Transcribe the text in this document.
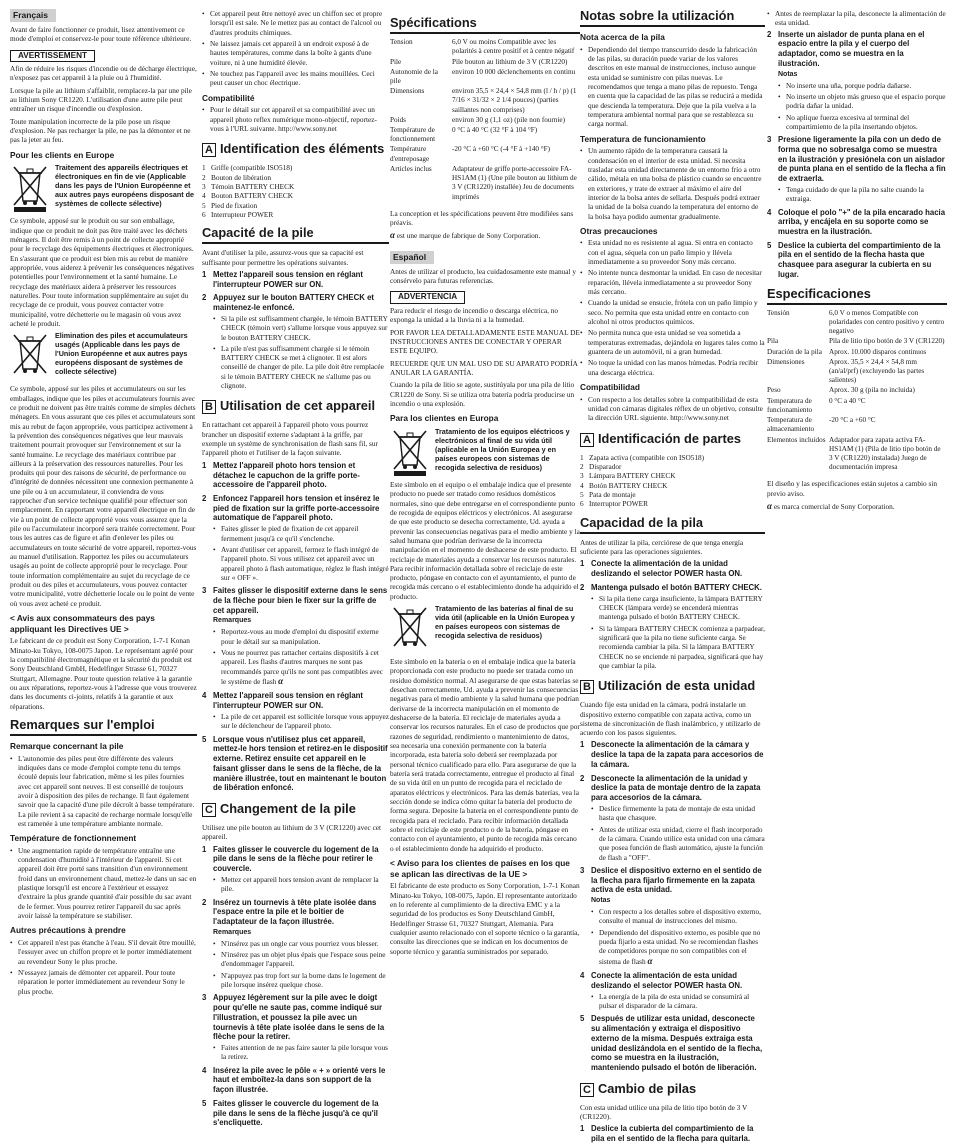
Français

Avant de faire fonctionner ce produit, lisez attentivement ce mode d'emploi et conservez-le pour toute référence ultérieure.

AVERTISSEMENT

Afin de réduire les risques d'incendie ou de décharge électrique, n'exposez pas cet appareil à la pluie ou à l'humidité.

Lorsque la pile au lithium s'affaiblit, remplacez-la par une pile au lithium Sony CR1220. L'utilisation d'une autre pile peut entraîner un risque d'incendie ou d'explosion.

Toute manipulation incorrecte de la pile pose un risque d'explosion. Ne pas recharger la pile, ne pas la démonter et ne pas la jeter au feu.

Pour les clients en Europe
Traitement des appareils électriques et électroniques en fin de vie (Applicable dans les pays de l'Union Européenne et aux autres pays européens disposant de systèmes de collecte sélective)

Ce symbole, apposé sur le produit ou sur son emballage, indique que ce produit ne doit pas être traité avec les déchets ménagers. Il doit être remis à un point de collecte approprié pour le recyclage des équipements électriques et électroniques. En s'assurant que ce produit est bien mis au rebut de manière appropriée, vous aiderez à prévenir les conséquences négatives potentielles pour l'environnement et la santé humaine. Le recyclage des matériaux aidera à préserver les ressources naturelles. Pour toute information supplémentaire au sujet du recyclage de ce produit, vous pouvez contacter votre municipalité, votre déchetterie ou le magasin où vous avez acheté le produit.

Elimination des piles et accumulateurs usagés (Applicable dans les pays de l'Union Européenne et aux autres pays européens disposant de systèmes de collecte sélective)

Ce symbole, apposé sur les piles et accumulateurs ou sur les emballages, indique que les piles et accumulateurs fournis avec ce produit ne doivent pas être traités comme de simples déchets ménagers. En vous assurant que ces piles et accumulateurs sont mis au rebut de façon appropriée, vous participez activement à la prévention des conséquences négatives que leur mauvais traitement pourrait provoquer sur l'environnement et sur la santé humaine. Le recyclage des matériaux contribue par ailleurs à la préservation des ressources naturelles. Pour les produits qui pour des raisons de sécurité, de performance ou d'intégrité de données nécessitent une connexion permanente à une pile ou à un accumulateur, il conviendra de vous rapprocher d'un service technique qualifié pour effectuer son remplacement. En rapportant votre appareil électrique en fin de vie à un point de collecte approprié vous vous assurez que la pile ou l'accumulateur incorporé sera traitée correctement. Pour tous les autres cas de figure et afin d'enlever les piles ou accumulateurs en toute sécurité de votre appareil, reportez-vous au manuel d'utilisation. Rapportez les piles ou accumulateurs usagés au point de collecte approprié pour le recyclage. Pour toute information complémentaire au sujet du recyclage de ce produit ou des piles et accumulateurs, vous pouvez contacter votre municipalité, votre déchetterie locale ou le point de vente où vous avez acheté ce produit.

< Avis aux consommateurs des pays appliquant les Directives UE >

Le fabricant de ce produit est Sony Corporation, 1-7-1 Konan Minato-ku Tokyo, 108-0075 Japon. Le représentant agréé pour la compatibilité électromagnétique et la sécurité du produit est Sony Deutschland GmbH, Hedelfinger Strasse 61, 70327 Stuttgart, Allemagne. Pour toute question relative à la garantie ou aux réparations, reportez-vous à l'adresse que vous trouverez dans les documents ci-joints, relatifs à la garantie et aux réparations.

Remarques sur l'emploi
Remarque concernant la pile
• L'autonomie des piles peut être différente des valeurs indiquées dans ce mode d'emploi compte tenu du temps écoulé depuis leur fabrication, même si les piles fournies avec cet appareil sont neuves. Il est conseillé de toujours avoir à disposition des piles de rechange. Il faut également savoir que la capacité d'une pile décroît à basse température. La pile revient à sa capacité de recharge normale lorsqu'elle est ramenée à une température ambiante normale.
Température de fonctionnement
• Une augmentation rapide de température entraîne une condensation d'humidité à l'intérieur de l'appareil. Si cet appareil doit être porté sans transition d'un environnement froid dans un environnement chaud, mettez-le dans un sac en plastique lorsqu'il est encore à l'extérieur et essayez d'extraire la plus grande quantité d'air possible du sac avant de le fermer. Vous pourrez retirer l'appareil du sac après avoir laissé la température se stabiliser.
Autres précautions à prendre
• Cet appareil n'est pas étanche à l'eau. S'il devait être mouillé, l'essuyer avec un chiffon propre et le porter immédiatement au revendeur Sony le plus proche.
• N'essayez jamais de démonter cet appareil. Pour toute réparation le porter immédiatement au revendeur Sony le plus proche.
• Cet appareil peut être nettoyé avec un chiffon sec et propre lorsqu'il est sale. Ne le mettez pas au contact de l'alcool ou d'autres produits chimiques.
• Ne laissez jamais cet appareil à un endroit exposé à de hautes températures, comme dans la boîte à gants d'une voiture, ni à une humidité élevée.
• Ne touchez pas l'appareil avec les mains mouillées. Ceci peut causer un choc électrique.
Compatibilité
• Pour le détail sur cet appareil et sa compatibilité avec un appareil photo reflex numérique mono-objectif, reportez-vous à l'URL suivante. http://www.sony.net
A Identification des éléments
1 Griffe (compatible ISO518)
2 Bouton de libération
3 Témoin BATTERY CHECK
4 Bouton BATTERY CHECK
5 Pied de fixation
6 Interrupteur POWER
Capacité de la pile

Avant d'utiliser la pile, assurez-vous que sa capacité est suffisante pour permettre les opérations suivantes.

1 Mettez l'appareil sous tension en réglant l'interrupteur POWER sur ON.
2 Appuyez sur le bouton BATTERY CHECK et maintenez-le enfoncé.
• Si la pile est suffisamment chargée, le témoin BATTERY CHECK (témoin vert) s'allume lorsque vous appuyez sur le bouton BATTERY CHECK.
• La pile n'est pas suffisamment chargée si le témoin BATTERY CHECK se met à clignoter. Il est alors conseillé de changer de pile. La pile doit être remplacée si le témoin BATTERY CHECK ne s'allume pas ou clignote.
B Utilisation de cet appareil

En rattachant cet appareil à l'appareil photo vous pourrez brancher un dispositif externe s'adaptant à la griffe, par exemple un système de synchronisation de flash sans fil, sur l'appareil photo et l'utiliser de la façon suivante.

1 Mettez l'appareil photo hors tension et détachez le capuchon de la griffe porte-accessoire de l'appareil photo.
2 Enfoncez l'appareil hors tension et insérez le pied de fixation sur la griffe porte-accessoire automatique de l'appareil photo.
• Faites glisser le pied de fixation de cet appareil fermement jusqu'à ce qu'il s'enclenche.
• Avant d'utiliser cet appareil, fermez le flash intégré de l'appareil photo. Si vous utilisez cet appareil avec un appareil photo à flash automatique, réglez le flash intégré sur « OFF ».
3 Faites glisser le dispositif externe dans le sens de la flèche pour bien le fixer sur la griffe de cet appareil.
Remarques
• Reportez-vous au mode d'emploi du dispositif externe pour le détail sur sa manipulation.
• Vous ne pourrez pas rattacher certains dispositifs à cet appareil. Les flashs d'autres marques ne sont pas recommandés parce qu'ils ne sont pas compatibles avec le système de flash α
4 Mettez l'appareil sous tension en réglant l'interrupteur POWER sur ON.
• La pile de cet appareil est sollicitée lorsque vous appuyez sur le déclencheur de l'appareil photo.
5 Lorsque vous n'utilisez plus cet appareil, mettez-le hors tension et retirez-en le dispositif externe. Retirez ensuite cet appareil en le faisant glisser dans le sens de la flèche, de la manière illustrée, tout en maintenant le bouton de libération enfoncé.
C Changement de la pile

Utilisez une pile bouton au lithium de 3 V (CR1220) avec cet appareil.

1 Faites glisser le couvercle du logement de la pile dans le sens de la flèche pour retirer le couvercle.
• Mettez cet appareil hors tension avant de remplacer la pile.
2 Insérez un tournevis à tête plate isolée dans l'espace entre la pile et le boitier de l'adaptateur de la façon illustrée.
Remarques
• N'insérez pas un ongle car vous pourriez vous blesser.
• N'insérez pas un objet plus épais que l'espace sous peine d'endommager l'appareil.
• N'appuyez pas trop fort sur la borne dans le logement de pile lorsque insérez quelque chose.
3 Appuyez légèrement sur la pile avec le doigt pour qu'elle ne saute pas, comme indiqué sur l'illustration, et poussez la pile avec un tournevis à tête plate isolée dans le sens de la flèche pour la retirer.
• Faites attention de ne pas faire sauter la pile lorsque vous la retirez.
4 Insérez la pile avec le pôle « + » orienté vers le haut et emboîtez-la dans son support de la façon illustrée.
5 Faites glisser le couvercle du logement de la pile dans le sens de la flèche jusqu'à ce qu'il s'encliquette.
Spécifications
Tension	6,0 V ou moins Compatible avec les polarités à centre positif et à centre négatif
Pile	Pile bouton au lithium de 3 V (CR1220)
Autonomie de la pile	environ 10 000 déclenchements en continu
Dimensions	environ 35,5 × 24,4 × 54,8 mm (l / h / p) (1 7/16 × 31/32 × 2 1/4 pouces) (parties saillantes non comprises)
Poids	environ 30 g (1,1 oz) (pile non fournie)
Température de fonctionnement	0 °C à 40 °C (32 °F à 104 °F)
Température d'entreposage	-20 °C à +60 °C (-4 °F à +140 °F)
Articles inclus	Adaptateur de griffe porte-accessoire FA-HS1AM (1) (Une pile bouton au lithium de 3 V (CR1220) installée) Jeu de documents imprimés

La conception et les spécifications peuvent être modifiées sans préavis.

α est une marque de fabrique de Sony Corporation.

Español

Antes de utilizar el producto, lea cuidadosamente este manual y consérvelo para futuras referencias.

ADVERTENCIA

Para reducir el riesgo de incendio o descarga eléctrica, no exponga la unidad a la lluvia ni a la humedad.

POR FAVOR LEA DETALLADAMENTE ESTE MANUAL DE INSTRUCCIONES ANTES DE CONECTAR Y OPERAR ESTE EQUIPO.

RECUERDE QUE UN MAL USO DE SU APARATO PODRÍA ANULAR LA GARANTÍA.

Cuando la pila de litio se agote, sustitúyala por una pila de litio CR1220 de Sony. Si se utiliza otra batería podría producirse un incendio o una explosión.

Para los clientes en Europa
Tratamiento de los equipos eléctricos y electrónicos al final de su vida útil (aplicable en la Unión Europea y en países europeos con sistemas de recogida selectiva de residuos)

Este símbolo en el equipo o el embalaje indica que el presente producto no puede ser tratado como residuos domésticos normales, sino que debe entregarse en el correspondiente punto de recogida de equipos eléctricos y electrónicos. Al asegurarse de que este producto se desecha correctamente, Ud. ayuda a prevenir las consecuencias negativas para el medio ambiente y la salud humana que podrían derivarse de la incorrecta manipulación en el momento de deshacerse de este producto. El reciclaje de materiales ayuda a conservar los recursos naturales. Para recibir información detallada sobre el reciclaje de este producto, póngase en contacto con el ayuntamiento, el punto de recogida más cercano o el establecimiento donde ha adquirido el producto.

Tratamiento de las baterías al final de su vida útil (aplicable en la Unión Europea y en países europeos con sistemas de recogida selectiva de residuos)

Este símbolo en la batería o en el embalaje indica que la batería proporcionada con este producto no puede ser tratada como un residuo doméstico normal. Al asegurarse de que estas baterías se desechan correctamente, Ud. ayuda a prevenir las consecuencias negativas para el medio ambiente y la salud humana que podrían derivarse de la incorrecta manipulación en el momento de deshacerse de la batería. El reciclaje de materiales ayuda a conservar los recursos naturales. En el caso de productos que por razones de seguridad, rendimiento o mantenimiento de datos, sea necesaria una conexión permanente con la batería incorporada, esta batería solo deberá ser reemplazada por personal técnico cualificado para ello. Para asegurarse de que la batería será tratada correctamente, entregue el producto al final de su vida útil en un punto de recogida para el reciclado de aparatos eléctricos y electrónicos. Para las demás baterías, vea la sección donde se indica cómo quitar la batería del producto de forma segura. Deposite la batería en el correspondiente punto de recogida para el reciclado. Para recibir información detallada sobre el reciclaje de este producto o de la batería, póngase en contacto con el ayuntamiento, el punto de recogida más cercano o el establecimiento donde ha adquirido el producto.

< Aviso para los clientes de países en los que se aplican las directivas de la UE >

El fabricante de este producto es Sony Corporation, 1-7-1 Konan Minato-ku Tokyo, 108-0075, Japón. El representante autorizado en lo referente al cumplimiento de la directiva EMC y a la seguridad de los productos es Sony Deutschland GmbH, Hedelfinger Strasse 61, 70327 Stuttgart, Alemania. Para cualquier asunto relacionado con el soporte técnico o la garantía, consulte las direcciones que se indican en los documentos de soporte técnico y garantía suministrados por separado.

Notas sobre la utilización
Nota acerca de la pila
• Dependiendo del tiempo transcurrido desde la fabricación de las pilas, su duración puede variar de los valores descritos en este manual de instrucciones, incluso aunque esta unidad se suministre con pilas nuevas. Le recomendamos que tenga a mano pilas de repuesto. Tenga en cuenta que la capacidad de las pilas se reducirá a medida que descienda la temperatura. Deje que la pila vuelva a la temperatura ambiental normal para que se restablezca su carga normal.
Temperatura de funcionamiento
• Un aumento rápido de la temperatura causará la condensación en el interior de esta unidad. Si necesita trasladar esta unidad directamente de un entorno frío a otro cálido, métala en una bolsa de plástico cuando se encuentre en exteriores, y trate de extraer al máximo el aire del interior de la bolsa antes de sellarla. Después podrá extraer la unidad de la bolsa cuando la temperatura del entorno de la bolsa haya podido aumentar gradualmente.
Otras precauciones
• Esta unidad no es resistente al agua. Si entra en contacto con el agua, séquela con un paño limpio y llévela inmediatamente a su proveedor Sony más cercano.
• No intente nunca desmontar la unidad. En caso de necesitar reparación, llévela inmediatamente a su proveedor Sony más cercano.
• Cuando la unidad se ensucie, frótela con un paño limpio y seco. No permita que esta unidad entre en contacto con alcohol ni otros productos químicos.
• No permita nunca que esta unidad se vea sometida a temperaturas extremadas, dejándola en lugares tales como la guantera de un automóvil, ni a gran humedad.
• No toque la unidad con las manos húmedas. Podría recibir una descarga eléctrica.
Compatibilidad
• Con respecto a los detalles sobre la compatibilidad de esta unidad con cámaras digitales réflex de un objetivo, consulte la dirección URL siguiente. http://www.sony.net
A Identificación de partes
1 Zapata activa (compatible con ISO518)
2 Disparador
3 Lámpara BATTERY CHECK
4 Botón BATTERY CHECK
5 Pata de montaje
6 Interruptor POWER
Capacidad de la pila

Antes de utilizar la pila, cerciórese de que tenga energía suficiente para las operaciones siguientes.

1 Conecte la alimentación de la unidad deslizando el selector POWER hasta ON.
2 Mantenga pulsado el botón BATTERY CHECK.
• Si la pila tiene carga insuficiente, la lámpara BATTERY CHECK (lámpara verde) se encenderá mientras mantenga pulsado el botón BATTERY CHECK.
• Si la lámpara BATTERY CHECK comienza a parpadear, significará que la pila no tiene suficiente carga. Se recomienda cambiar la pila. Si la lámpara BATTERY CHECK no se enciende ni parpadea, significará que hay que cambiar la pila.
B Utilización de esta unidad

Cuando fije esta unidad en la cámara, podrá instalarle un dispositivo externo compatible con zapata activa, como un sistema de sincronización de flash inalámbrico, y utilizarlo de acuerdo con los pasos siguientes.

1 Desconecte la alimentación de la cámara y deslice la tapa de la zapata para accesorios de la cámara.
2 Desconecte la alimentación de la unidad y deslice la pata de montaje dentro de la zapata para accesorios de la cámara.
• Deslice firmemente la pata de montaje de esta unidad hasta que chasquee.
• Antes de utilizar esta unidad, cierre el flash incorporado de la cámara. Cuando utilice esta unidad con una cámara que posea función de flash automático, ajuste la función de flash a "OFF".
3 Deslice el dispositivo externo en el sentido de la flecha para fijarlo firmemente en la zapata activa de esta unidad.
Notas
• Con respecto a los detalles sobre el dispositivo externo, consulte el manual de instrucciones del mismo.
• Dependiendo del dispositivo externo, es posible que no pueda fijarlo a esta unidad. No se recomiendan flashes de competidores porque no son compatibles con el sistema de flash α
4 Conecte la alimentación de esta unidad deslizando el selector POWER hasta ON.
• La energía de la pila de esta unidad se consumirá al pulsar el disparador de la cámara.
5 Después de utilizar esta unidad, desconecte su alimentación y extraiga el dispositivo externo de la misma. Después extraiga esta unidad deslizándola en el sentido de la flecha, como se muestra en la ilustración, manteniendo pulsado el botón de liberación.
C Cambio de pilas

Con esta unidad utilice una pila de litio tipo botón de 3 V (CR1220).

1 Deslice la cubierta del compartimiento de la pila en el sentido de la flecha para quitarla.
• Antes de reemplazar la pila, desconecte la alimentación de esta unidad.
2 Inserte un aislador de punta plana en el espacio entre la pila y el cuerpo del adaptador, como se muestra en la ilustración.
Notas
• No inserte una uña, porque podría dañarse.
• No inserte un objeto más grueso que el espacio porque podría dañar la unidad.
• No aplique fuerza excesiva al terminal del compartimiento de la pila insertando objetos.
3 Presione ligeramente la pila con un dedo de forma que no sobresalga como se muestra en la ilustración y presiónela con un aislador de punta plana en el sentido de la flecha a fin de extraerla.
• Tenga cuidado de que la pila no salte cuando la extraiga.
4 Coloque el polo "+" de la pila encarado hacia arriba, y encájela en su soporte como se muestra en la ilustración.
5 Deslice la cubierta del compartimiento de la pila en el sentido de la flecha hasta que chasquee para asegurar la cubierta en su lugar.
Especificaciones
Tensión	6,0 V o menos Compatible con polaridades con centro positivo y centro negativo
Pila	Pila de litio tipo botón de 3 V (CR1220)
Duración de la pila	Aprox. 10.000 disparos continuos
Dimensiones	Aprox. 35,5 × 24,4 × 54,8 mm (an/al/prf) (excluyendo las partes salientes)
Peso	Aprox. 30 g (pila no incluida)
Temperatura de funcionamiento	0 °C a 40 °C
Temperatura de almacenamiento	-20 °C a +60 °C
Elementos incluidos	Adaptador para zapata activa FA-HS1AM (1) (Pila de litio tipo botón de 3 V (CR1220) instalada) Juego de documentación impresa

El diseño y las especificaciones están sujetos a cambio sin previo aviso.

α es marca comercial de Sony Corporation.
